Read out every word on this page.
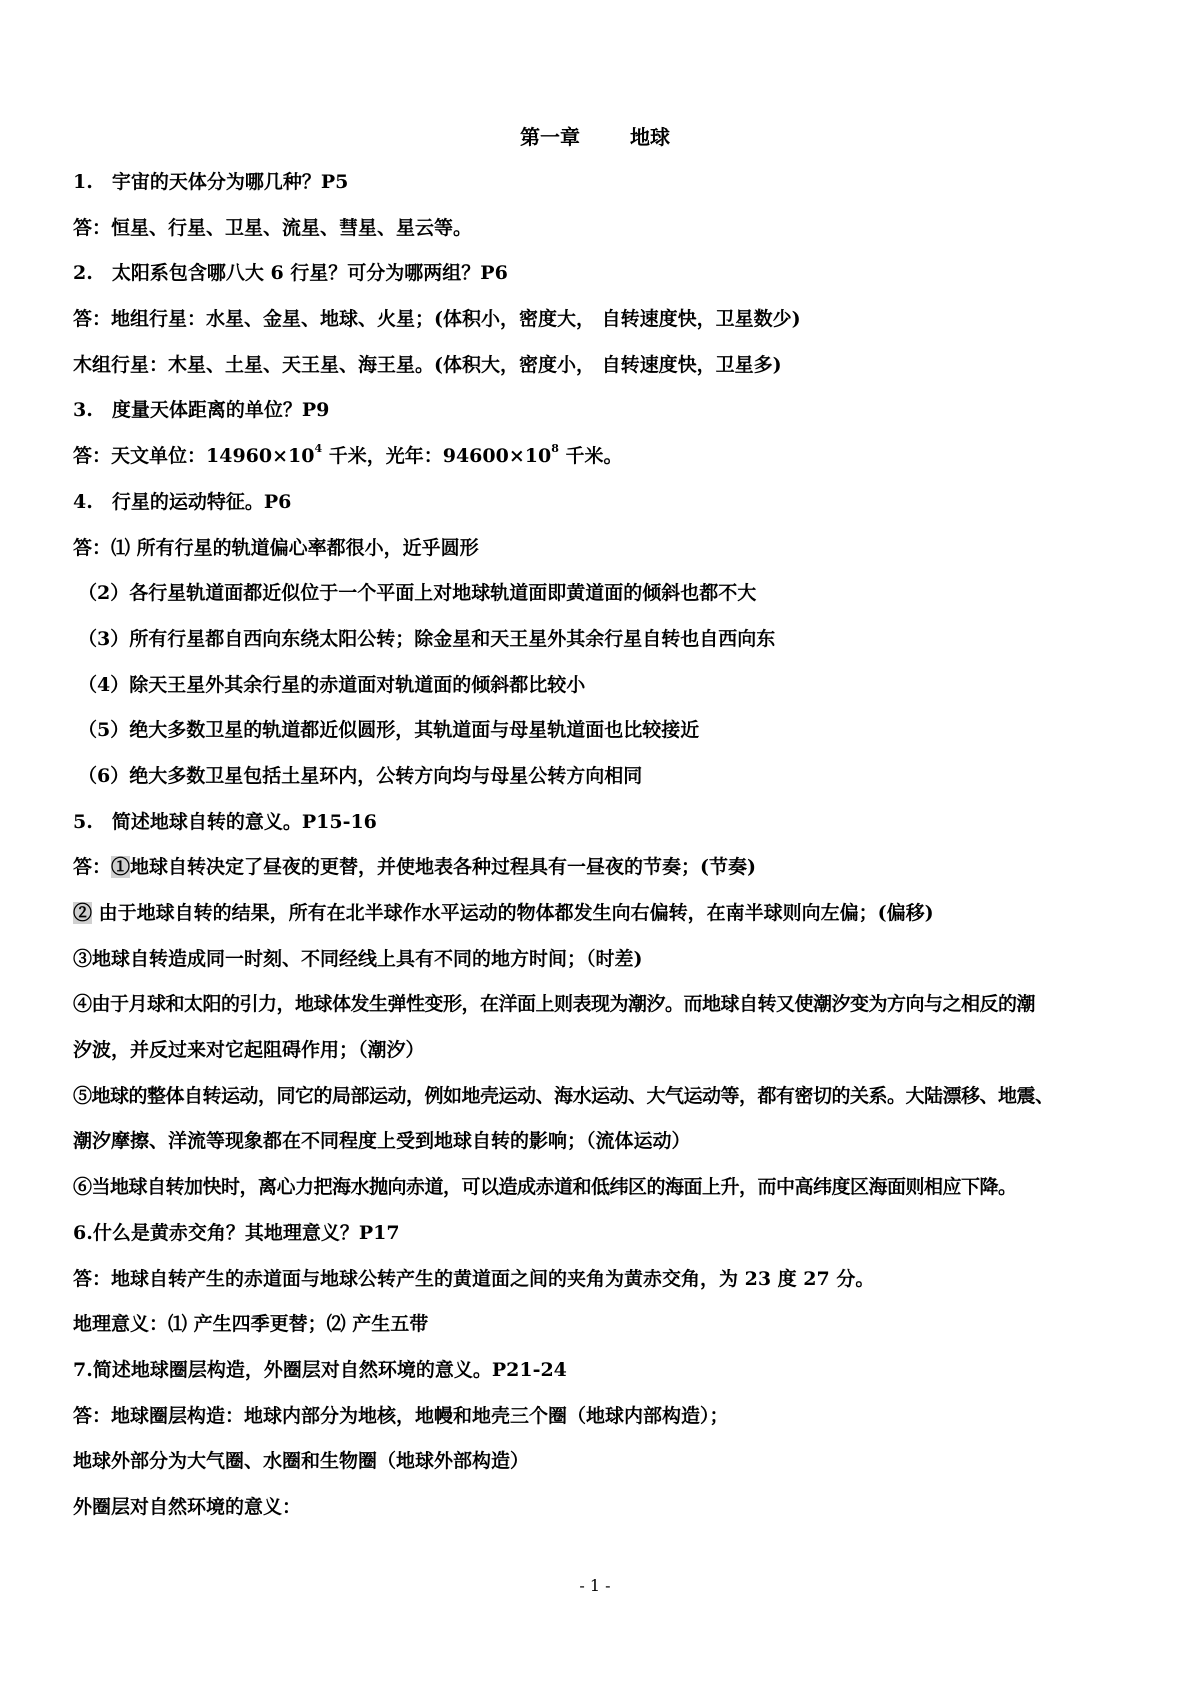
第一章	地球
1.　宇宙的天体分为哪几种？P5
答：恒星、行星、卫星、流星、彗星、星云等。
2.　太阳系包含哪八大 6 行星？可分为哪两组？P6
答：地组行星：水星、金星、地球、火星；(体积小，密度大， 自转速度快，卫星数少)
木组行星：木星、土星、天王星、海王星。(体积大，密度小， 自转速度快，卫星多)
3.　度量天体距离的单位？P9
答：天文单位：$14960\times 10^4$ 千米，光年：$94600\times 10^8$ 千米。
4.　行星的运动特征。P6
答：⑴ 所有行星的轨道偏心率都很小，近乎圆形
（2）各行星轨道面都近似位于一个平面上对地球轨道面即黄道面的倾斜也都不大
（3）所有行星都自西向东绕太阳公转；除金星和天王星外其余行星自转也自西向东
（4）除天王星外其余行星的赤道面对轨道面的倾斜都比较小
（5）绝大多数卫星的轨道都近似圆形，其轨道面与母星轨道面也比较接近
（6）绝大多数卫星包括土星环内，公转方向均与母星公转方向相同
5.　简述地球自转的意义。P15-16
答：①地球自转决定了昼夜的更替，并使地表各种过程具有一昼夜的节奏；(节奏)
② 由于地球自转的结果，所有在北半球作水平运动的物体都发生向右偏转，在南半球则向左偏；(偏移)
③地球自转造成同一时刻、不同经线上具有不同的地方时间；（时差)
④由于月球和太阳的引力，地球体发生弹性变形，在洋面上则表现为潮汐。而地球自转又使潮汐变为方向与之相反的潮
汐波，并反过来对它起阻碍作用；（潮汐）
⑤地球的整体自转运动，同它的局部运动，例如地壳运动、海水运动、大气运动等，都有密切的关系。大陆漂移、地震、
潮汐摩擦、洋流等现象都在不同程度上受到地球自转的影响；（流体运动）
⑥当地球自转加快时，离心力把海水抛向赤道，可以造成赤道和低纬区的海面上升，而中高纬度区海面则相应下降。
6.什么是黄赤交角？其地理意义？P17
答：地球自转产生的赤道面与地球公转产生的黄道面之间的夹角为黄赤交角，为 23 度 27 分。
地理意义：⑴ 产生四季更替；⑵ 产生五带
7.简述地球圈层构造，外圈层对自然环境的意义。P21-24
答：地球圈层构造：地球内部分为地核，地幔和地壳三个圈（地球内部构造）；
地球外部分为大气圈、水圈和生物圈（地球外部构造）
外圈层对自然环境的意义：
- 1 -
